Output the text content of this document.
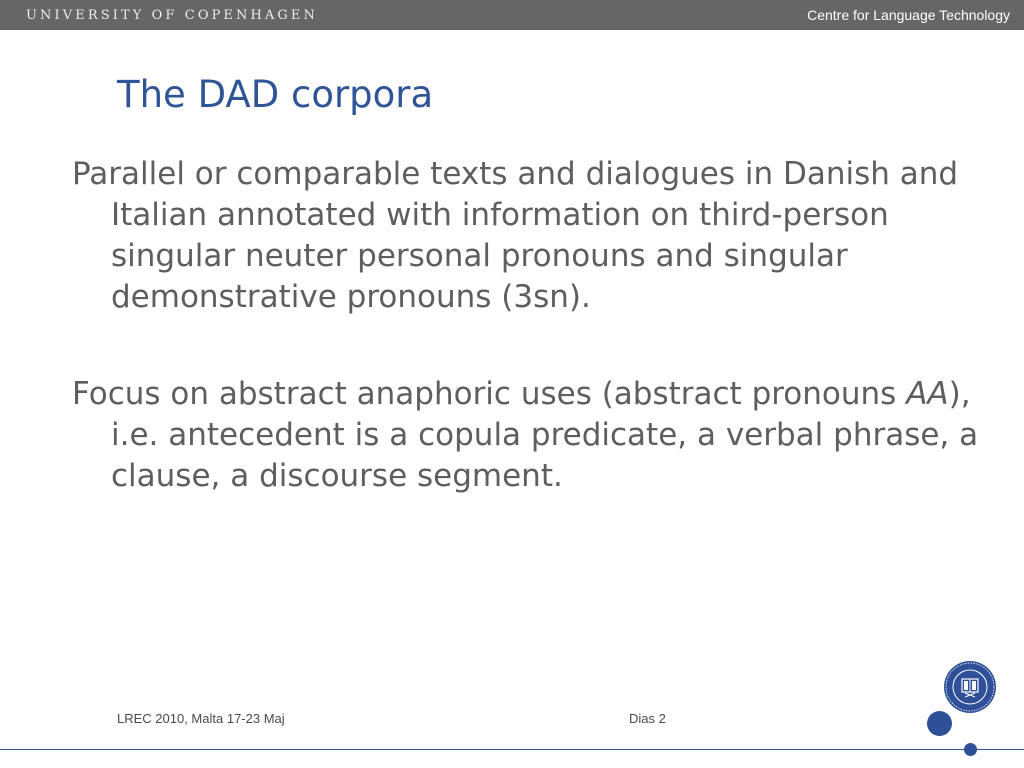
UNIVERSITY OF COPENHAGEN	Centre for Language Technology
The DAD corpora

Parallel or comparable texts and dialogues in Danish and Italian annotated with information on third-person singular neuter personal pronouns and singular demonstrative pronouns (3sn).

Focus on abstract anaphoric uses (abstract pronouns AA), i.e. antecedent is a copula predicate, a verbal phrase, a clause, a discourse segment.

LREC 2010, Malta 17-23 Maj	Dias 2
